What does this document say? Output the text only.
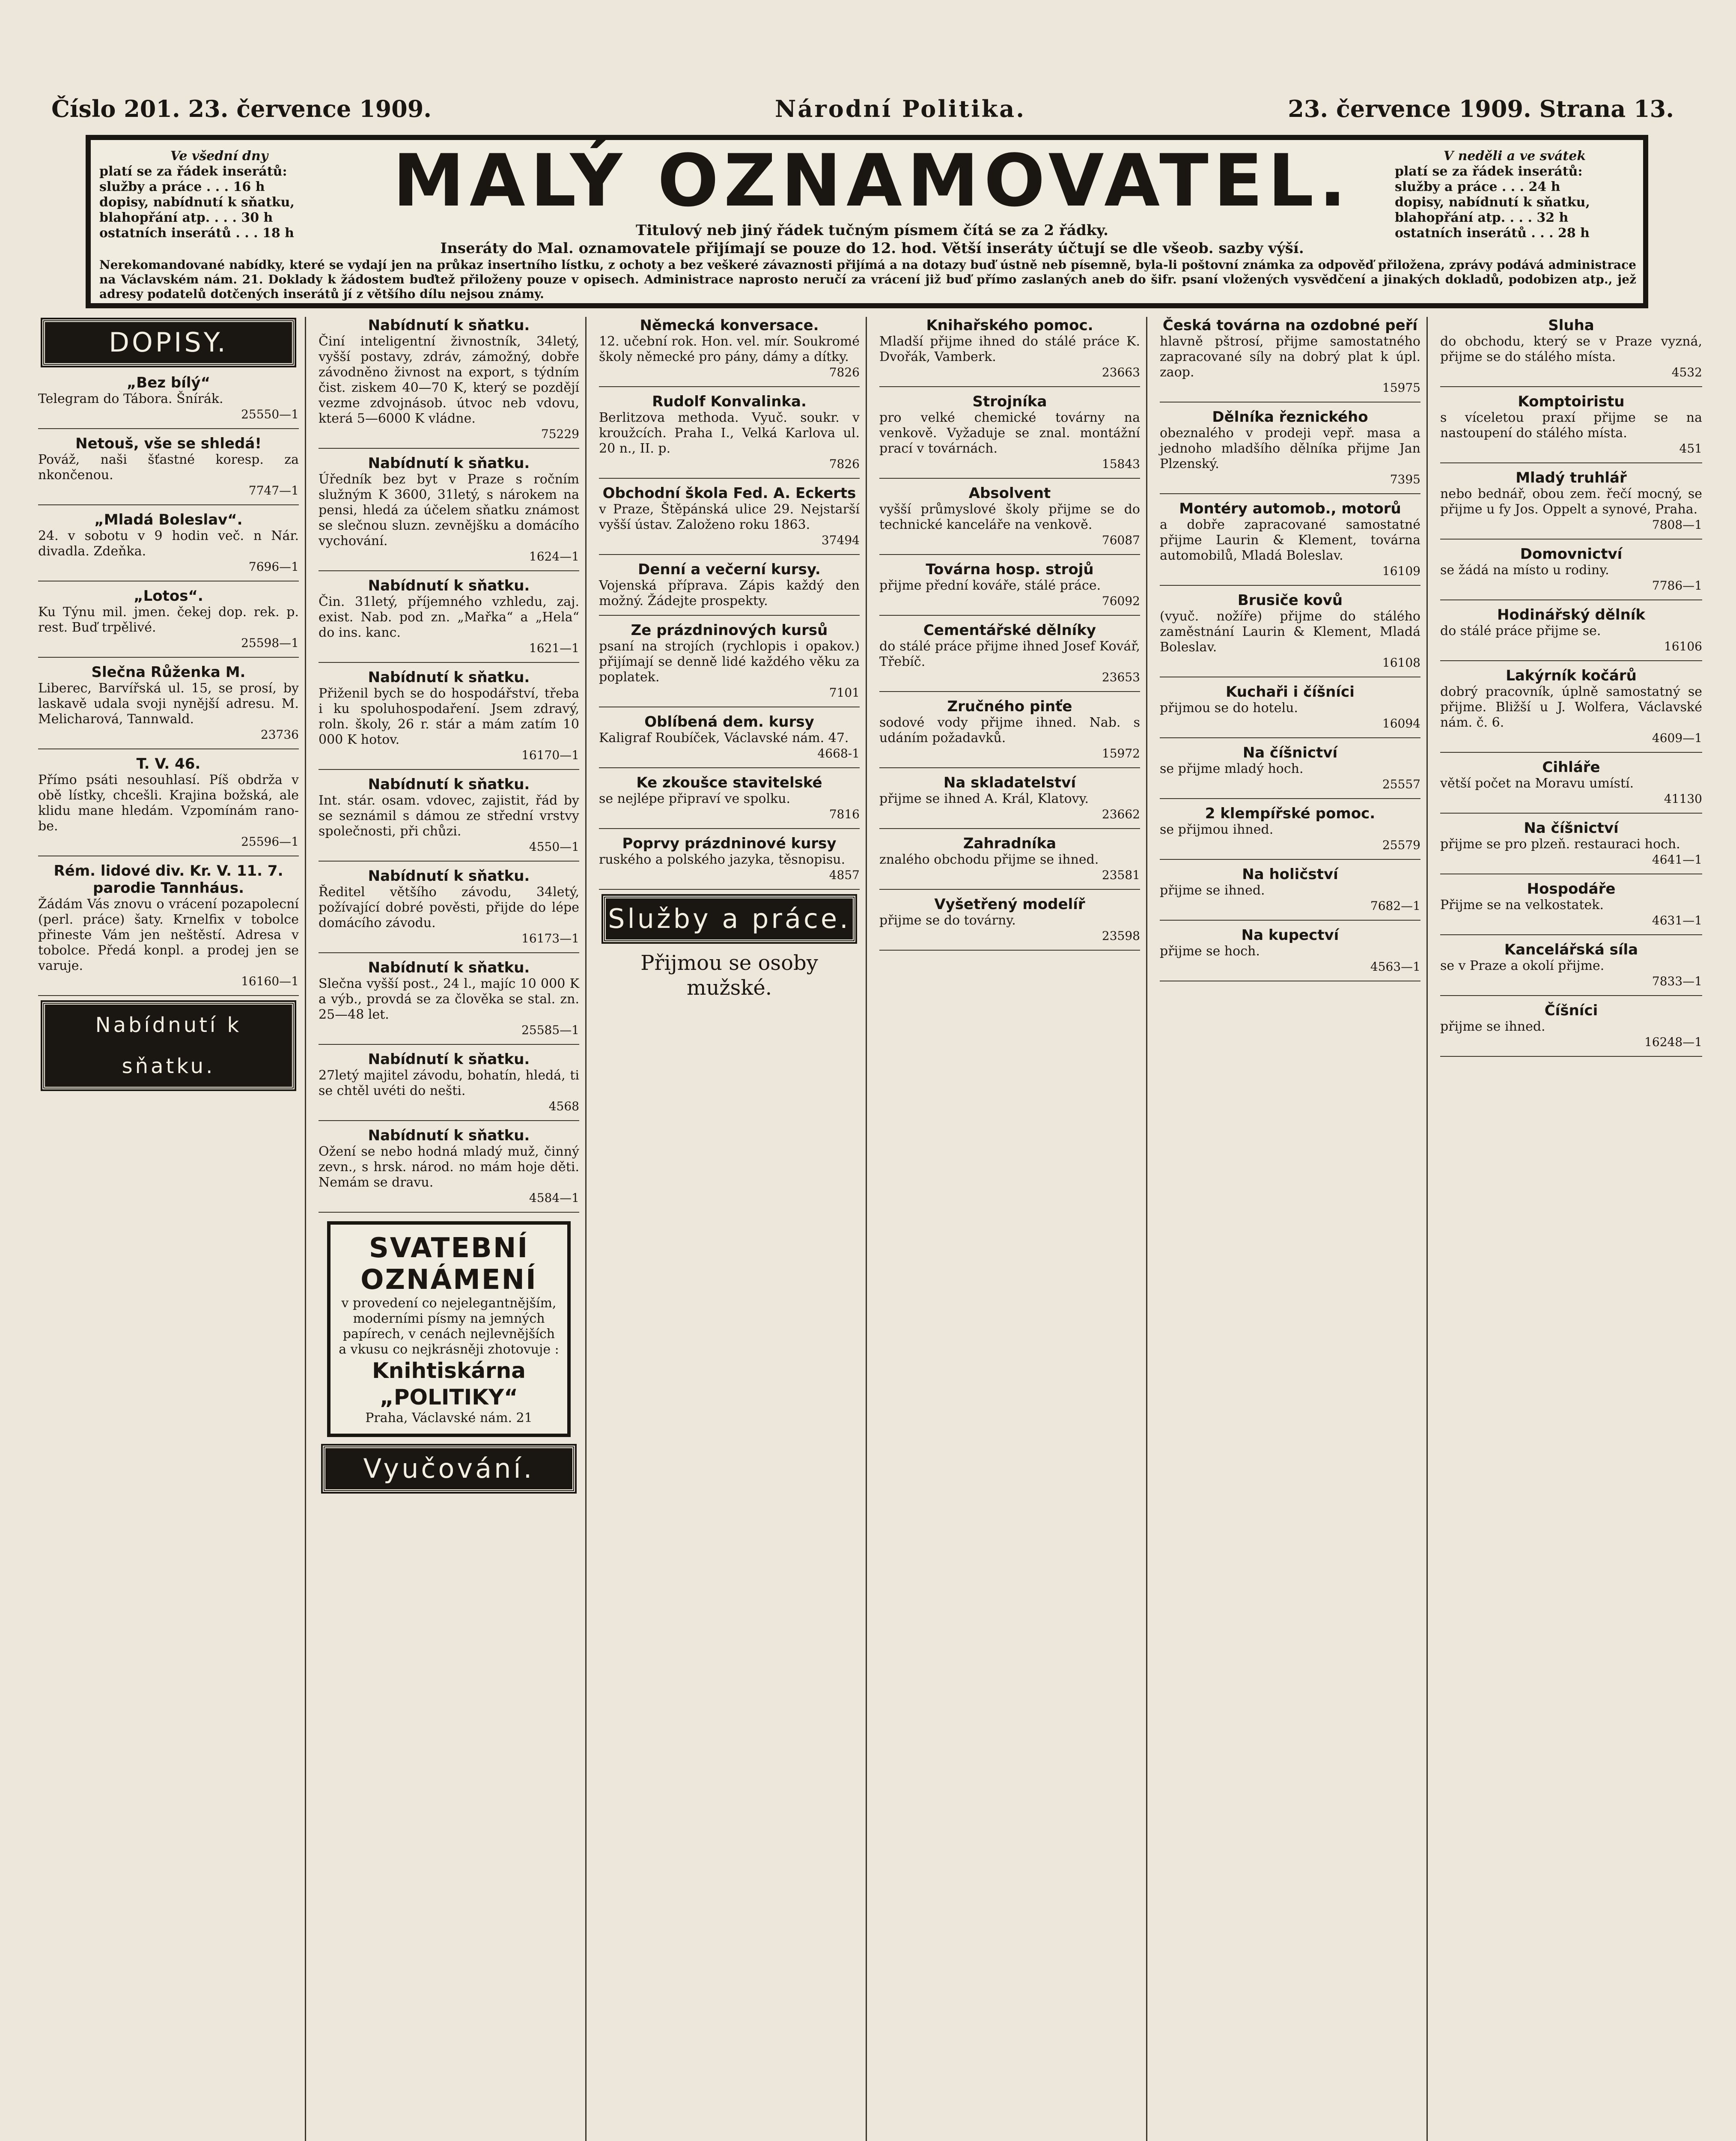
Číslo 201. 23. července 1909.	Národní Politika.	23. července 1909. Strana 13.
Ve všední dny
platí se za řádek inserátů:
služby a práce . . . 16 h
dopisy, nabídnutí k sňatku,
blahopřání atp. . . . 30 h
ostatních inserátů . . . 18 h
MALÝ OZNAMOVATEL.
Titulový neb jiný řádek tučným písmem čítá se za 2 řádky.
Inseráty do Mal. oznamovatele přijímají se pouze do 12. hod. Větší inseráty účtují se dle všeob. sazby výší.
V neděli a ve svátek
platí se za řádek inserátů:
služby a práce . . . 24 h
dopisy, nabídnutí k sňatku,
blahopřání atp. . . . 32 h
ostatních inserátů . . . 28 h
Nerekomandované nabídky, které se vydají jen na průkaz insertního lístku, z ochoty a bez veškeré závaznosti přijímá a na dotazy buď ústně neb písemně, byla-li poštovní známka za odpověď přiložena, zprávy podává administrace na Václavském nám. 21. Doklady k žádostem buďtež přiloženy pouze v opisech. Administrace naprosto neručí za vrácení již buď přímo zaslaných aneb do šifr. psaní vložených vysvědčení a jinakých dokladů, podobizen atp., jež adresy podatelů dotčených inserátů jí z většího dílu nejsou známy.
DOPISY.
„Bez bílý“
Telegram do Tábora. Šnírák.
25550—1
Netouš, vše se shledá!
Pováž, naši šťastné koresp. za nkončenou.
7747—1
„Mladá Boleslav“.
24. v sobotu v 9 hodin več. n Nár. divadla. Zdeňka.
7696—1
„Lotos“.
Ku Týnu mil. jmen. čekej dop. rek. p. rest. Buď trpělivé.
25598—1
Slečna Růženka M.
Liberec, Barvířská ul. 15, se prosí, by laskavě udala svoji nynější adresu. M. Melicharová, Tannwald.
23736
T. V. 46.
Přímo psáti nesouhlasí. Píš obdrža v obě lístky, chcešli. Krajina božská, ale klidu mane hledám. Vzpomínám rano-be.
25596—1
Rém. lidové div. Kr. V. 11. 7. parodie Tannháus.
Žádám Vás znovu o vrácení pozapolecní (perl. práce) šaty. Krnelfix v tobolce přineste Vám jen neštěstí. Adresa v tobolce. Předá konpl. a prodej jen se varuje.
16160—1
Nabídnutí k sňatku.
Nabídnutí k sňatku.
Činí inteligentní živnostník, 34letý, vyšší postavy, zdráv, zámožný, dobře závodněno živnost na export, s týdním čist. ziskem 40—70 K, který se pozdějí vezme zdvojnásob. útvoc neb vdovu, která 5—6000 K vládne.
75229
Nabídnutí k sňatku.
Úředník bez byt v Praze s ročním služným K 3600, 31letý, s nárokem na pensi, hledá za účelem sňatku známost se slečnou sluzn. zevnějšku a domácího vychování.
1624—1
Nabídnutí k sňatku.
Čin. 31letý, příjemného vzhledu, zaj. exist. Nab. pod zn. „Mařka“ a „Hela“ do ins. kanc.
1621—1
Nabídnutí k sňatku.
Přiženil bych se do hospodářství, třeba i ku spoluhospodaření. Jsem zdravý, roln. školy, 26 r. stár a mám zatím 10 000 K hotov.
16170—1
Nabídnutí k sňatku.
Int. stár. osam. vdovec, zajistit, řád by se seznámil s dámou ze střední vrstvy společnosti, při chůzi.
4550—1
Nabídnutí k sňatku.
Ředitel většího závodu, 34letý, požívající dobré pověsti, přijde do lépe domácího závodu.
16173—1
Nabídnutí k sňatku.
Slečna vyšší post., 24 l., majíc 10 000 K a výb., provdá se za člověka se stal. zn. 25—48 let.
25585—1
Nabídnutí k sňatku.
27letý majitel závodu, bohatín, hledá, ti se chtěl uvéti do nešti.
4568
Nabídnutí k sňatku.
Ožení se nebo hodná mladý muž, činný zevn., s hrsk. národ. no mám hoje děti. Nemám se dravu.
4584—1
SVATEBNÍ OZNÁMENÍ
v provedení co nejelegantnějším, moderními písmy na jemných papírech, v cenách nejlevnějších a vkusu co nejkrásněji zhotovuje :
Knihtiskárna „POLITIKY“
Praha, Václavské nám. 21
Vyučování.
Německá konversace.
12. učební rok. Hon. vel. mír. Soukromé školy německé pro pány, dámy a dítky.
7826
Rudolf Konvalinka.
Berlitzova methoda. Vyuč. soukr. v kroužcích. Praha I., Velká Karlova ul. 20 n., II. p.
7826
Obchodní škola Fed. A. Eckerts
v Praze, Štěpánská ulice 29. Nejstarší vyšší ústav. Založeno roku 1863.
37494
Denní a večerní kursy.
Vojenská příprava. Zápis každý den možný. Žádejte prospekty.
Ze prázdninových kursů
psaní na strojích (rychlopis i opakov.) přijímají se denně lidé každého věku za poplatek.
7101
Oblíbená dem. kursy
Kaligraf Roubíček, Václavské nám. 47.
4668-1
Ke zkoušce stavitelské
se nejlépe připraví ve spolku.
7816
Poprvy prázdninové kursy
ruského a polského jazyka, těsnopisu.
4857
Služby a práce.
Přijmou se osoby mužské.
Knihařského pomoc.
Mladší přijme ihned do stálé práce K. Dvořák, Vamberk.
23663
Strojníka
pro velké chemické továrny na venkově. Vyžaduje se znal. montážní prací v továrnách.
15843
Absolvent
vyšší průmyslové školy přijme se do technické kanceláře na venkově.
76087
Továrna hosp. strojů
přijme přední kováře, stálé práce.
76092
Cementářské dělníky
do stálé práce přijme ihned Josef Kovář, Třebíč.
23653
Zručného pinťe
sodové vody přijme ihned. Nab. s udáním požadavků.
15972
Na skladatelství
přijme se ihned A. Král, Klatovy.
23662
Zahradníka
znalého obchodu přijme se ihned.
23581
Vyšetřený modelíř
přijme se do továrny.
23598
Česká továrna na ozdobné peří
hlavně pštrosí, přijme samostatného zapracované síly na dobrý plat k úpl. zaop.
15975
Dělníka řeznického
obeznalého v prodeji vepř. masa a jednoho mladšího dělníka přijme Jan Plzenský.
7395
Montéry automob., motorů
a dobře zapracované samostatné přijme Laurin & Klement, továrna automobilů, Mladá Boleslav.
16109
Brusiče kovů
(vyuč. nožíře) přijme do stálého zaměstnání Laurin & Klement, Mladá Boleslav.
16108
Kuchaři i číšníci
přijmou se do hotelu.
16094
Na číšnictví
se přijme mladý hoch.
25557
2 klempířské pomoc.
se přijmou ihned.
25579
Na holičství
přijme se ihned.
7682—1
Na kupectví
přijme se hoch.
4563—1
Sluha
do obchodu, který se v Praze vyzná, přijme se do stálého místa.
4532
Komptoiristu
s víceletou praxí přijme se na nastoupení do stálého místa.
451
Mladý truhlář
nebo bednář, obou zem. řečí mocný, se přijme u fy Jos. Oppelt a synové, Praha.
7808—1
Domovnictví
se žádá na místo u rodiny.
7786—1
Hodinářský dělník
do stálé práce přijme se.
16106
Lakýrník kočárů
dobrý pracovník, úplně samostatný se přijme. Bližší u J. Wolfera, Václavské nám. č. 6.
4609—1
Cihláře
větší počet na Moravu umístí.
41130
Na číšnictví
přijme se pro plzeň. restauraci hoch.
4641—1
Hospodáře
Přijme se na velkostatek.
4631—1
Kancelářská síla
se v Praze a okolí přijme.
7833—1
Číšníci
přijme se ihned.
16248—1
